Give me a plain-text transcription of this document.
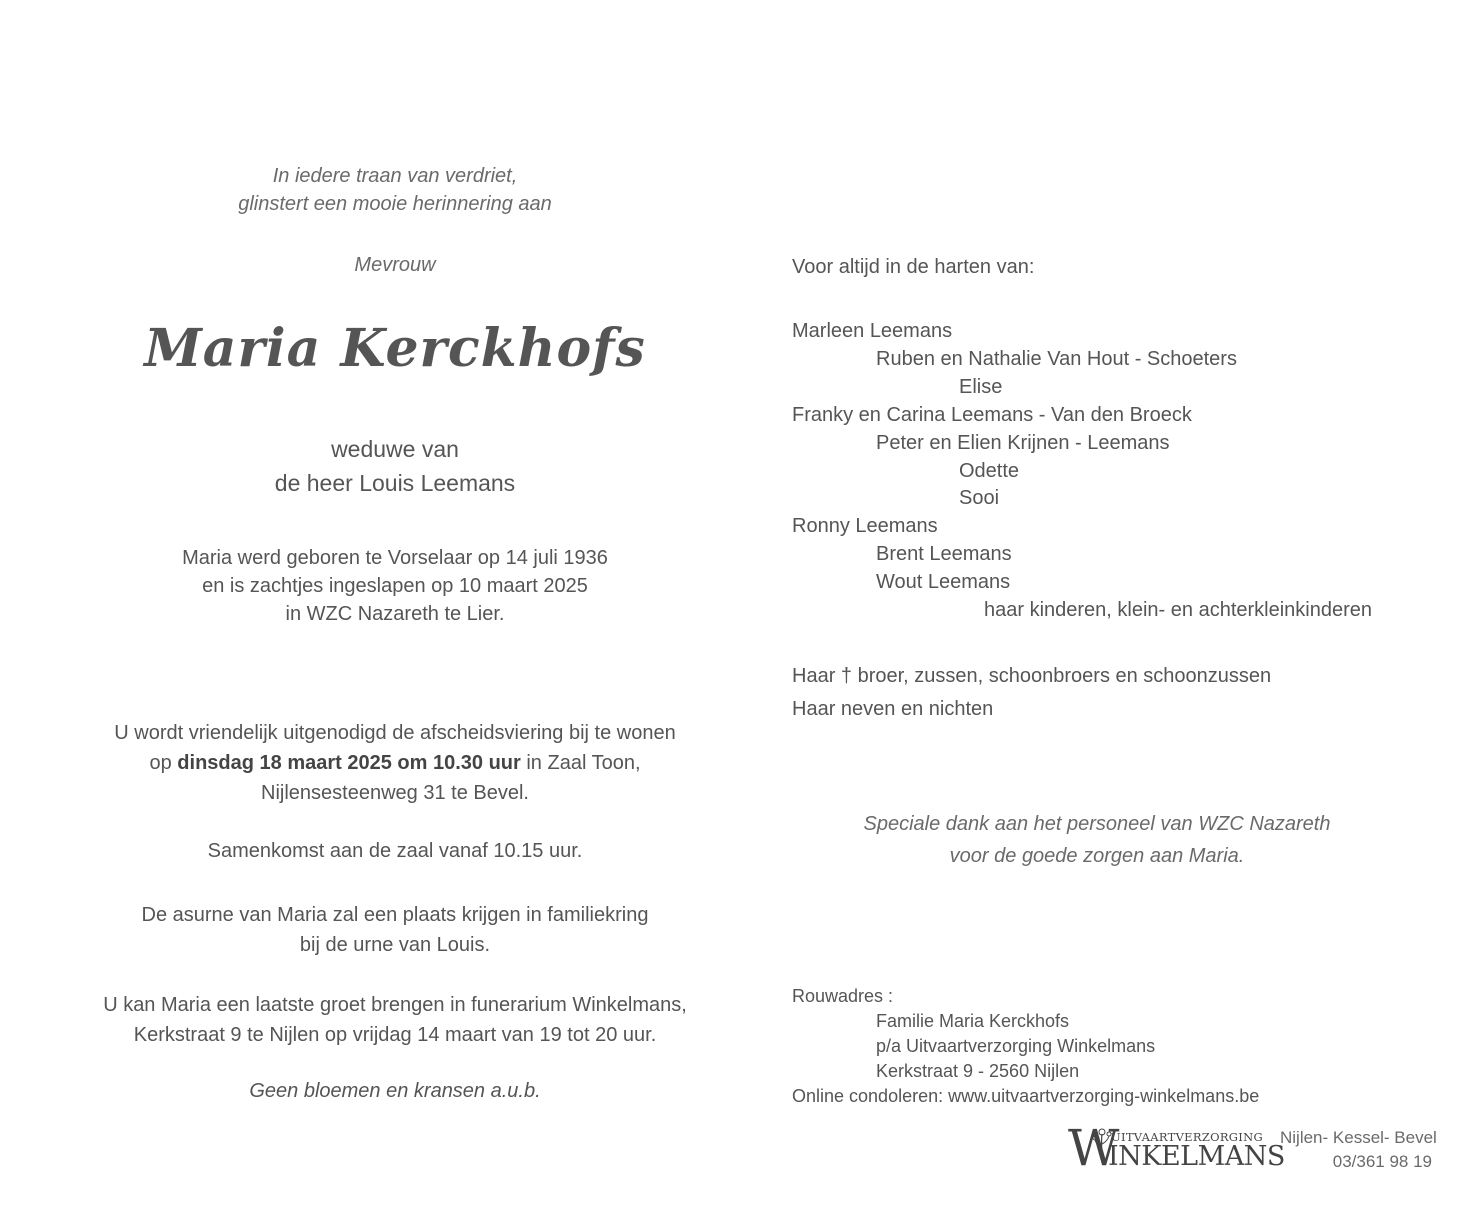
In iedere traan van verdriet,
glinstert een mooie herinnering aan
Mevrouw
Maria Kerckhofs
weduwe van
de heer Louis Leemans
Maria werd geboren te Vorselaar op 14 juli 1936
en is zachtjes ingeslapen op 10 maart 2025
in WZC Nazareth te Lier.
U wordt vriendelijk uitgenodigd de afscheidsviering bij te wonen
op dinsdag 18 maart 2025 om 10.30 uur in Zaal Toon,
Nijlensesteenweg 31 te Bevel.
Samenkomst aan de zaal vanaf 10.15 uur.
De asurne van Maria zal een plaats krijgen in familiekring
bij de urne van Louis.
U kan Maria een laatste groet brengen in funerarium Winkelmans,
Kerkstraat 9 te Nijlen op vrijdag 14 maart van 19 tot 20 uur.
Geen bloemen en kransen a.u.b.
Voor altijd in de harten van:
Marleen Leemans
Ruben en Nathalie Van Hout - Schoeters
Elise
Franky en Carina Leemans - Van den Broeck
Peter en Elien Krijnen - Leemans
Odette
Sooi
Ronny Leemans
Brent Leemans
Wout Leemans
haar kinderen, klein- en achterkleinkinderen
Haar † broer, zussen, schoonbroers en schoonzussen
Haar neven en nichten
Speciale dank aan het personeel van WZC Nazareth
voor de goede zorgen aan Maria.
Rouwadres :
Familie Maria Kerckhofs
p/a Uitvaartverzorging Winkelmans
Kerkstraat 9 - 2560 Nijlen
Online condoleren: www.uitvaartverzorging-winkelmans.be
W
UITVAARTVERZORGING
INKELMANS
Nijlen- Kessel- Bevel
03/361 98 19
